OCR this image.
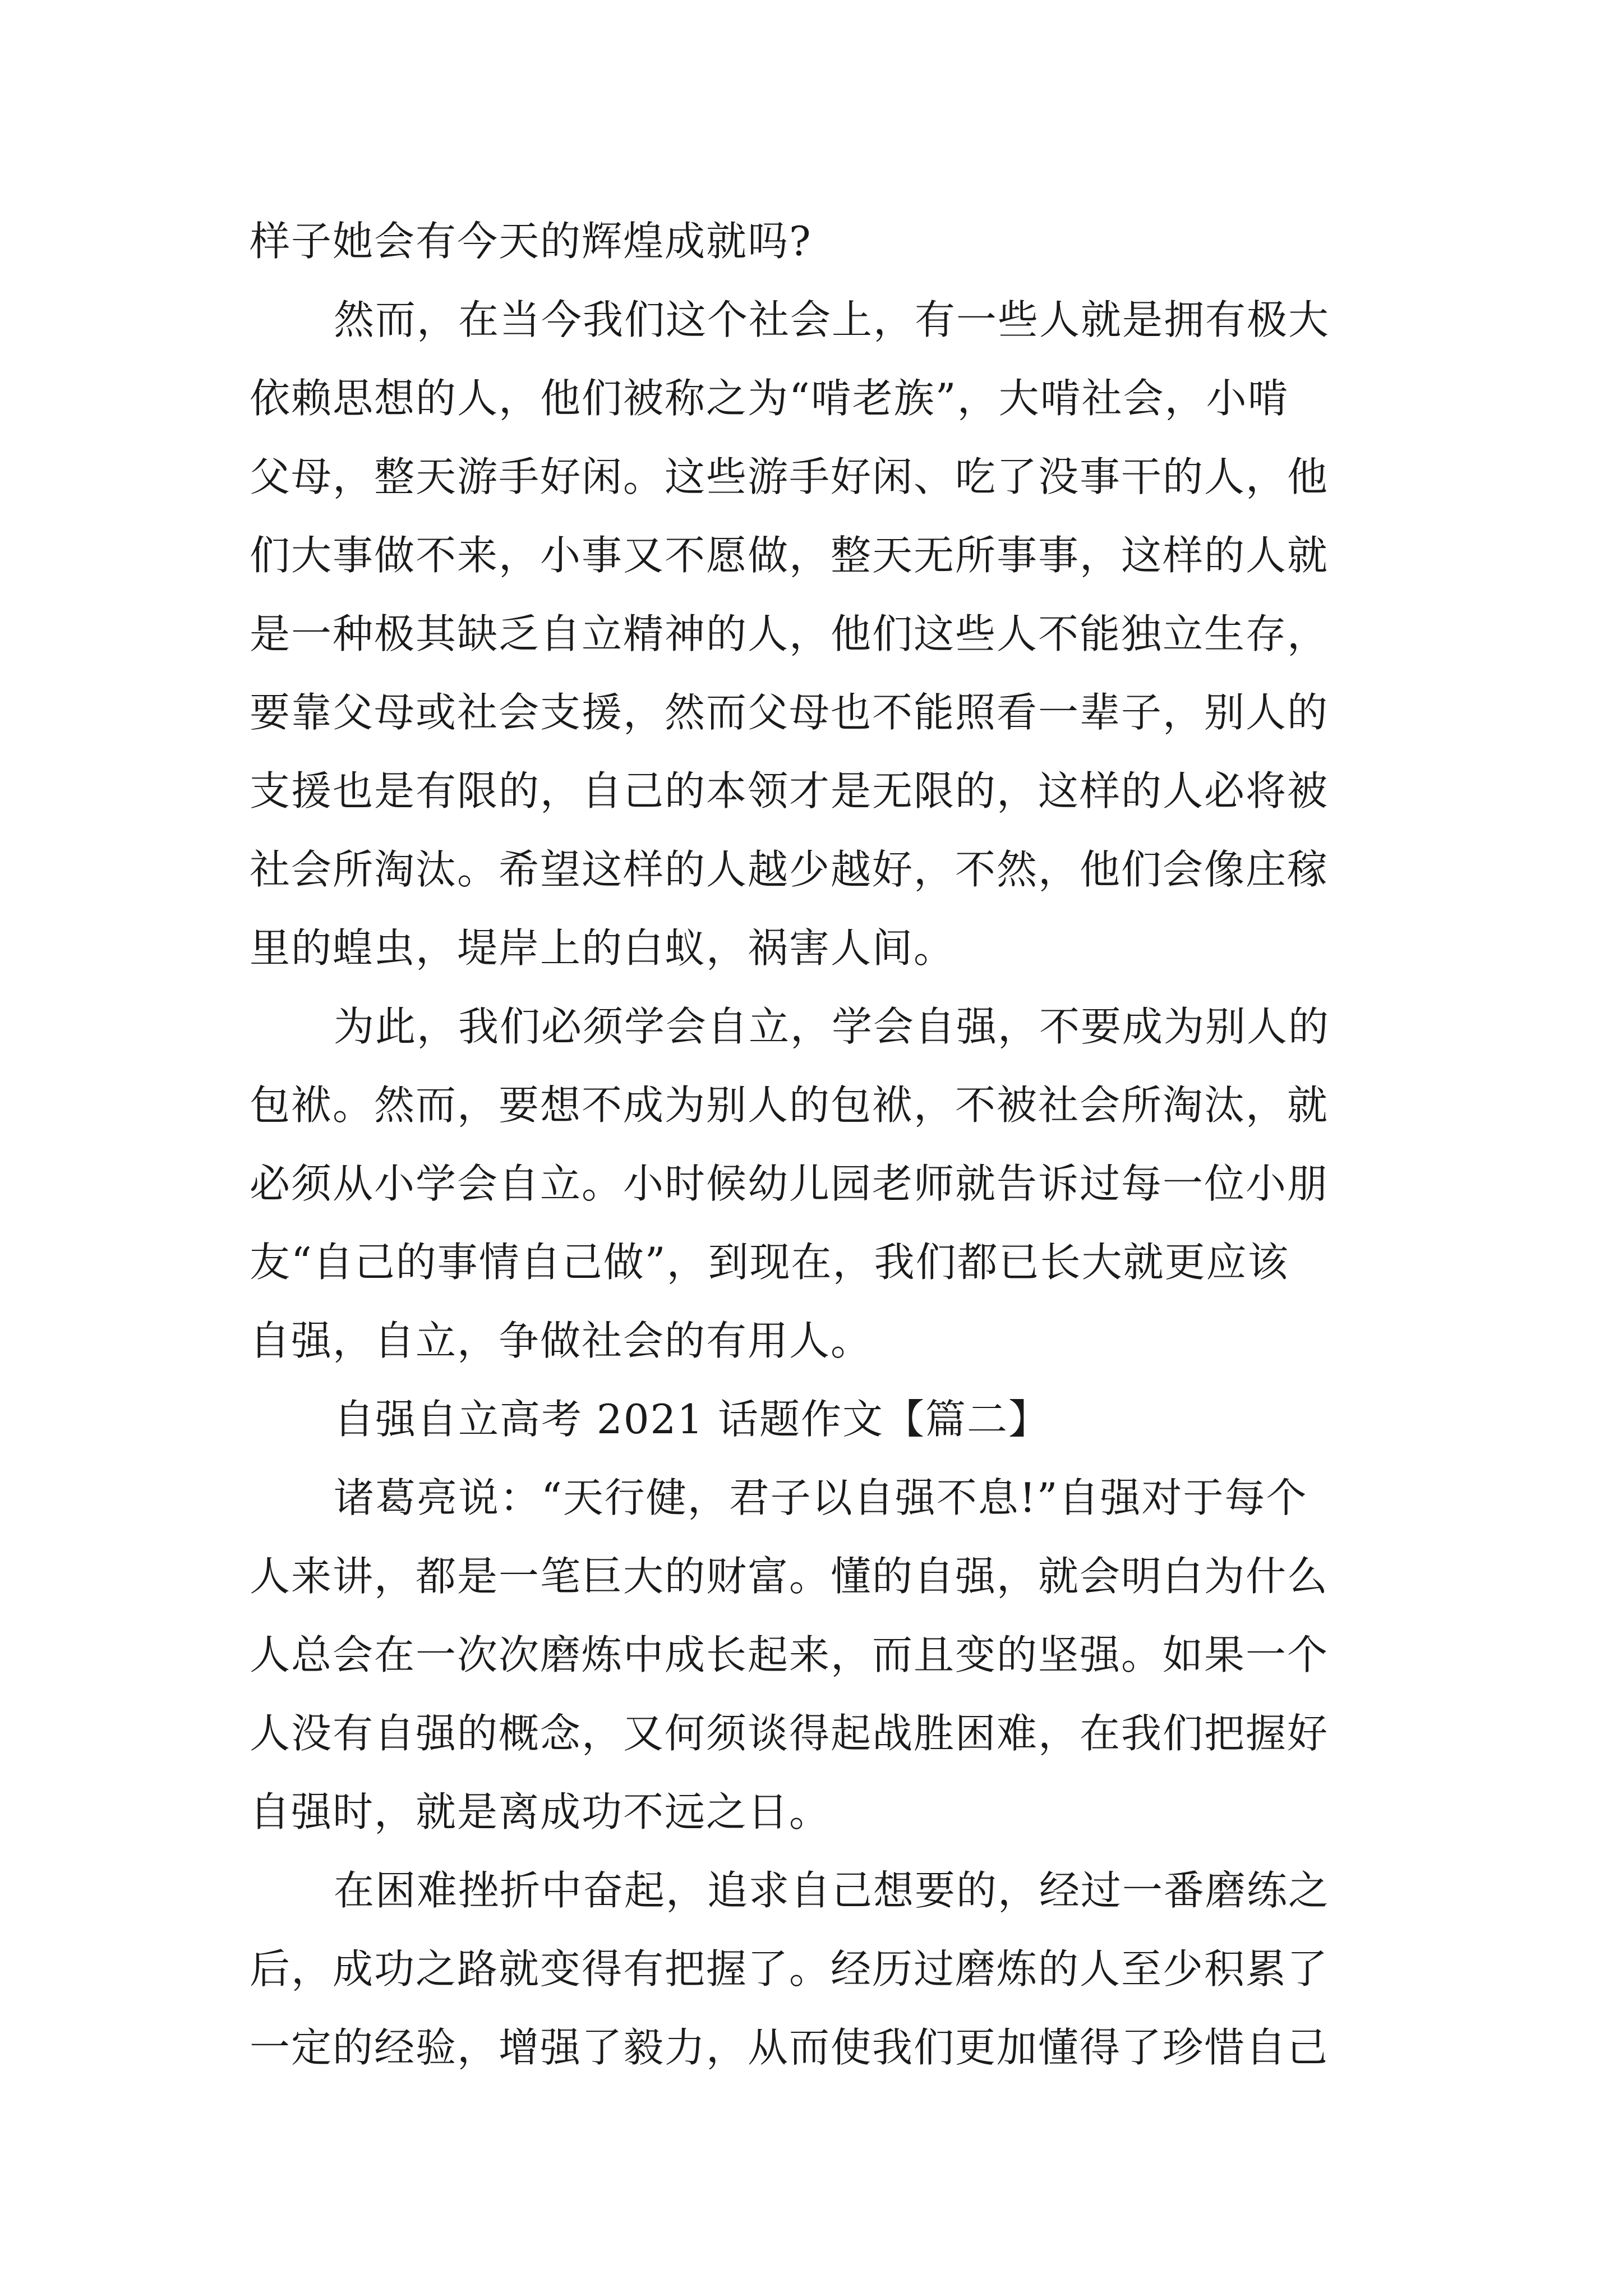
样子她会有今天的辉煌成就吗?
然而，在当今我们这个社会上，有一些人就是拥有极大
依赖思想的人，他们被称之为“啃老族”，大啃社会，小啃
父母，整天游手好闲。这些游手好闲、吃了没事干的人，他
们大事做不来，小事又不愿做，整天无所事事，这样的人就
是一种极其缺乏自立精神的人，他们这些人不能独立生存，
要靠父母或社会支援，然而父母也不能照看一辈子，别人的
支援也是有限的，自己的本领才是无限的，这样的人必将被
社会所淘汰。希望这样的人越少越好，不然，他们会像庄稼
里的蝗虫，堤岸上的白蚁，祸害人间。
为此，我们必须学会自立，学会自强，不要成为别人的
包袱。然而，要想不成为别人的包袱，不被社会所淘汰，就
必须从小学会自立。小时候幼儿园老师就告诉过每一位小朋
友“自己的事情自己做”，到现在，我们都已长大就更应该
自强，自立，争做社会的有用人。
自强自立高考 2021 话题作文【篇二】
诸葛亮说：“天行健，君子以自强不息!”自强对于每个
人来讲，都是一笔巨大的财富。懂的自强，就会明白为什么
人总会在一次次磨炼中成长起来，而且变的坚强。如果一个
人没有自强的概念，又何须谈得起战胜困难，在我们把握好
自强时，就是离成功不远之日。
在困难挫折中奋起，追求自己想要的，经过一番磨练之
后，成功之路就变得有把握了。经历过磨炼的人至少积累了
一定的经验，增强了毅力，从而使我们更加懂得了珍惜自己
